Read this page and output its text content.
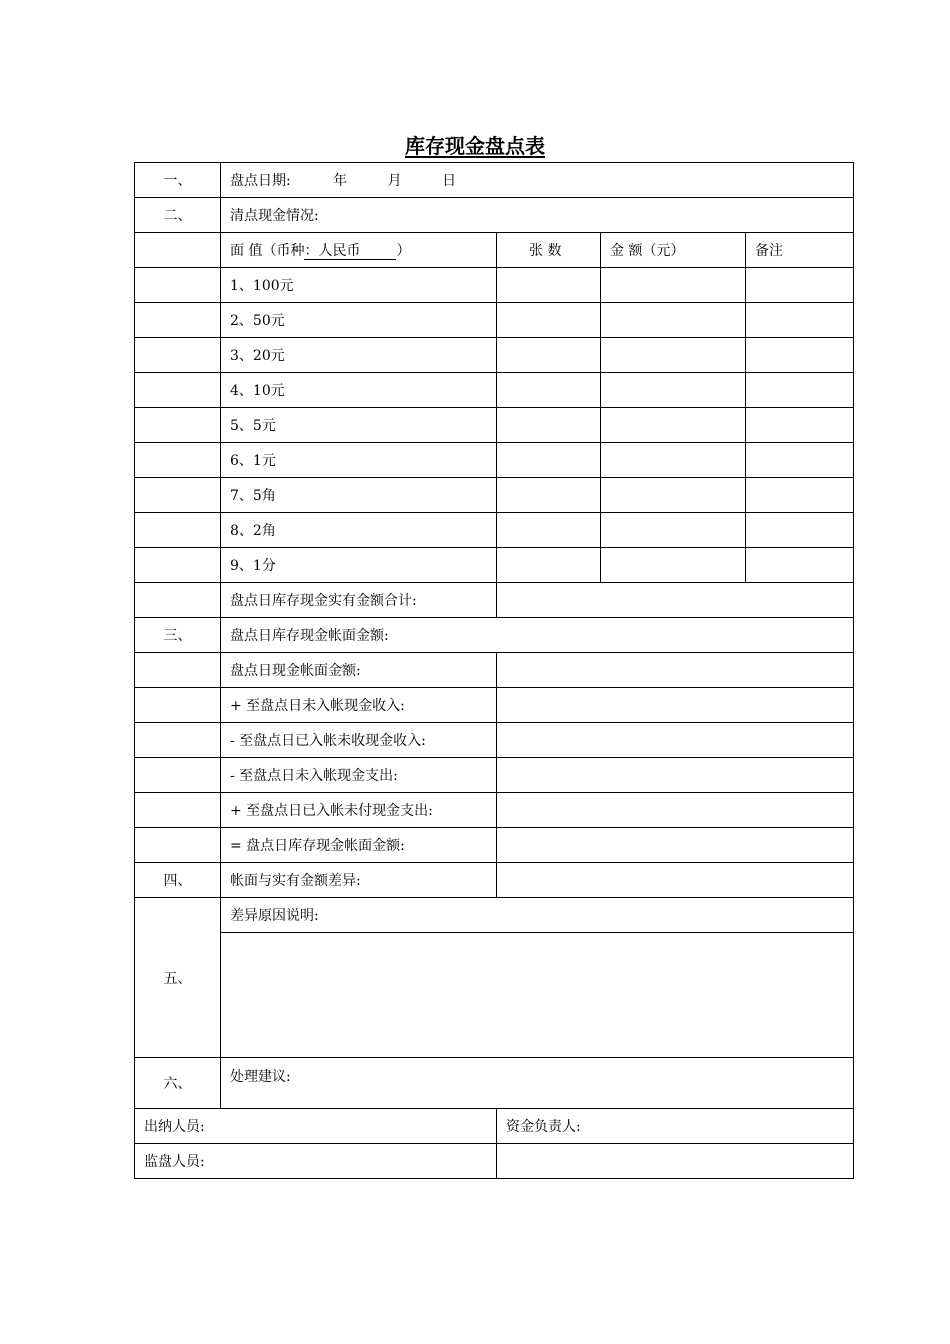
库存现金盘点表
一、	盘点日期: 年 月 日			
二、	清点现金情况:			
	面 值（币种：人民币 ）	张 数	金 额（元）	备注
	1、100元			
	2、50元			
	3、20元			
	4、10元			
	5、5元			
	6、1元			
	7、5角			
	8、2角			
	9、1分			
	盘点日库存现金实有金额合计:			
三、	盘点日库存现金帐面金额:			
	盘点日现金帐面金额:			
	+ 至盘点日未入帐现金收入:			
	- 至盘点日已入帐未收现金收入:			
	- 至盘点日未入帐现金支出:			
	+ 至盘点日已入帐未付现金支出:			
	= 盘点日库存现金帐面金额:			
四、	帐面与实有金额差异:			
五、	差异原因说明:			

六、	处理建议:			
出纳人员:		资金负责人:		
监盘人员:				
